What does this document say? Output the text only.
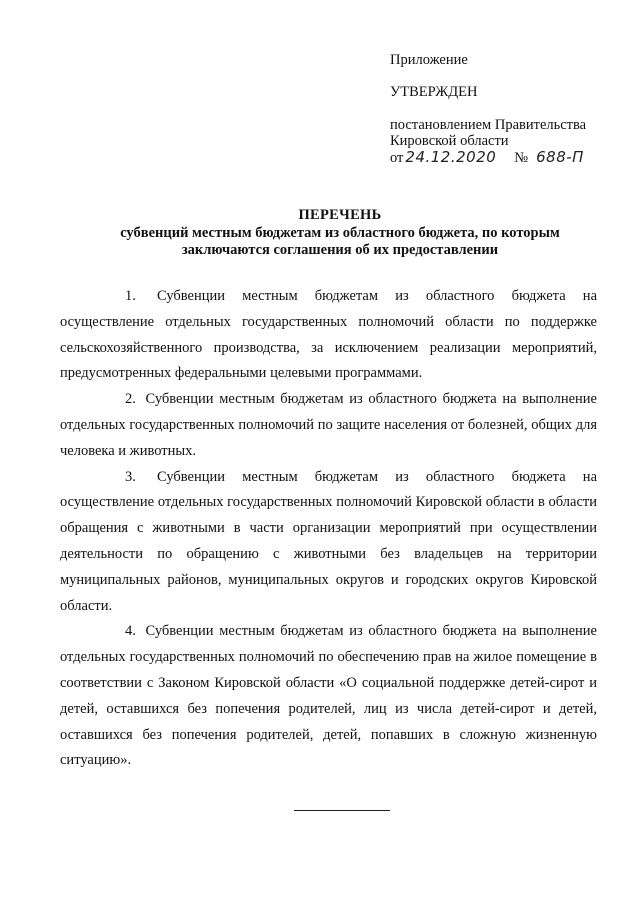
Приложение
УТВЕРЖДЕН
постановлением Правительства
Кировской области
от 24.12.2020 № 688-П
ПЕРЕЧЕНЬ
субвенций местным бюджетам из областного бюджета, по которым
заключаются соглашения об их предоставлении

1. Субвенции местным бюджетам из областного бюджета на осуществление отдельных государственных полномочий области по поддержке сельскохозяйственного производства, за исключением реализации мероприятий, предусмотренных федеральными целевыми программами.

2. Субвенции местным бюджетам из областного бюджета на выполнение отдельных государственных полномочий по защите населения от болезней, общих для человека и животных.

3. Субвенции местным бюджетам из областного бюджета на осуществление отдельных государственных полномочий Кировской области в области обращения с животными в части организации мероприятий при осуществлении деятельности по обращению с животными без владельцев на территории муниципальных районов, муниципальных округов и городских округов Кировской области.

4. Субвенции местным бюджетам из областного бюджета на выполнение отдельных государственных полномочий по обеспечению прав на жилое помещение в соответствии с Законом Кировской области «О социальной поддержке детей-сирот и детей, оставшихся без попечения родителей, лиц из числа детей-сирот и детей, оставшихся без попечения родителей, детей, попавших в сложную жизненную ситуацию».
